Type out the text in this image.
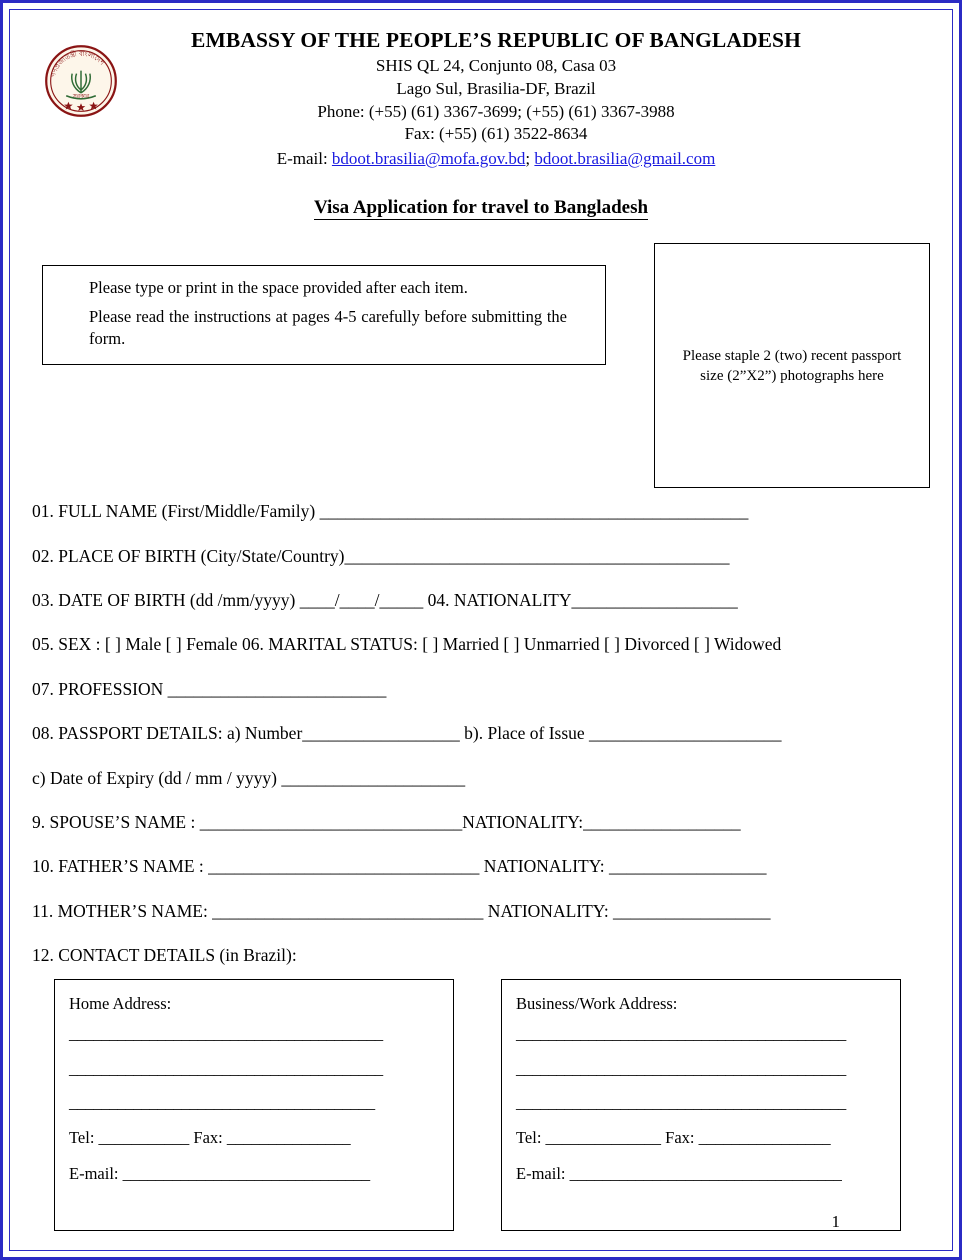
গণপ্রজাতন্ত্রী বাংলাদেশ
সরকার
EMBASSY OF THE PEOPLE’S REPUBLIC OF BANGLADESH
SHIS QL 24, Conjunto 08, Casa 03
Lago Sul, Brasilia-DF, Brazil
Phone: (+55) (61) 3367-3699; (+55) (61) 3367-3988
Fax: (+55) (61) 3522-8634
E-mail: bdoot.brasilia@mofa.gov.bd; bdoot.brasilia@gmail.com
Visa Application for travel to Bangladesh

Please type or print in the space provided after each item.

Please read the instructions at pages 4-5 carefully before submitting the form.

Please staple 2 (two) recent passport
size (2”X2”) photographs here
01. FULL NAME (First/Middle/Family) _________________________________________________
02. PLACE OF BIRTH (City/State/Country)____________________________________________
03. DATE OF BIRTH (dd /mm/yyyy) ____/____/_____ 04. NATIONALITY___________________
05. SEX : [ ] Male [ ] Female 06. MARITAL STATUS: [ ] Married [ ] Unmarried [ ] Divorced [ ] Widowed
07. PROFESSION _________________________
08. PASSPORT DETAILS: a) Number__________________ b). Place of Issue ______________________
c) Date of Expiry (dd / mm / yyyy) _____________________
9. SPOUSE’S NAME : ______________________________NATIONALITY:__________________
10. FATHER’S NAME : _______________________________ NATIONALITY: __________________
11. MOTHER’S NAME: _______________________________ NATIONALITY: __________________
12. CONTACT DETAILS (in Brazil):
Home Address:
_______________________________________
_______________________________________
______________________________________
Tel: ___________ Fax: _______________
E-mail: ______________________________
Business/Work Address:
_________________________________________
_________________________________________
_________________________________________
Tel: ______________ Fax: ________________
E-mail: _________________________________
1
